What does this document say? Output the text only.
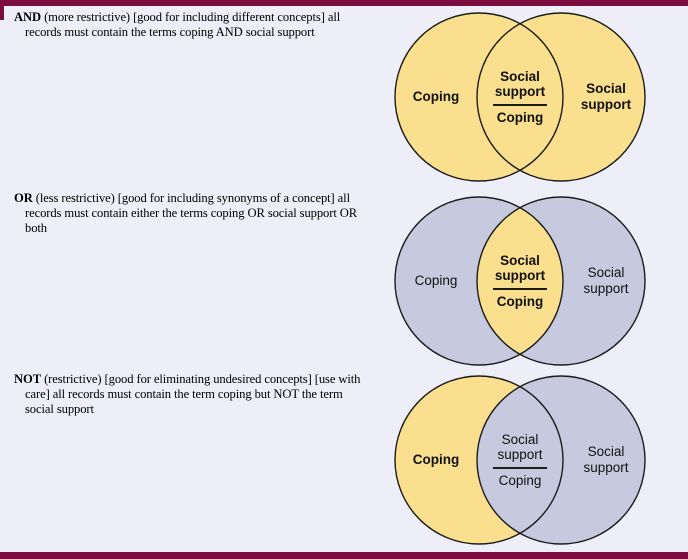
AND (more restrictive) [good for including different concepts] all records must contain the terms coping AND social support

Coping
Social support
Coping
Social support

OR (less restrictive) [good for including synonyms of a concept] all records must contain either the terms coping OR social support OR both

Coping
Social support
Coping
Social support

NOT (restrictive) [good for eliminating undesired concepts] [use with care] all records must contain the term coping but NOT the term social support

Coping
Social support
Coping
Social support
